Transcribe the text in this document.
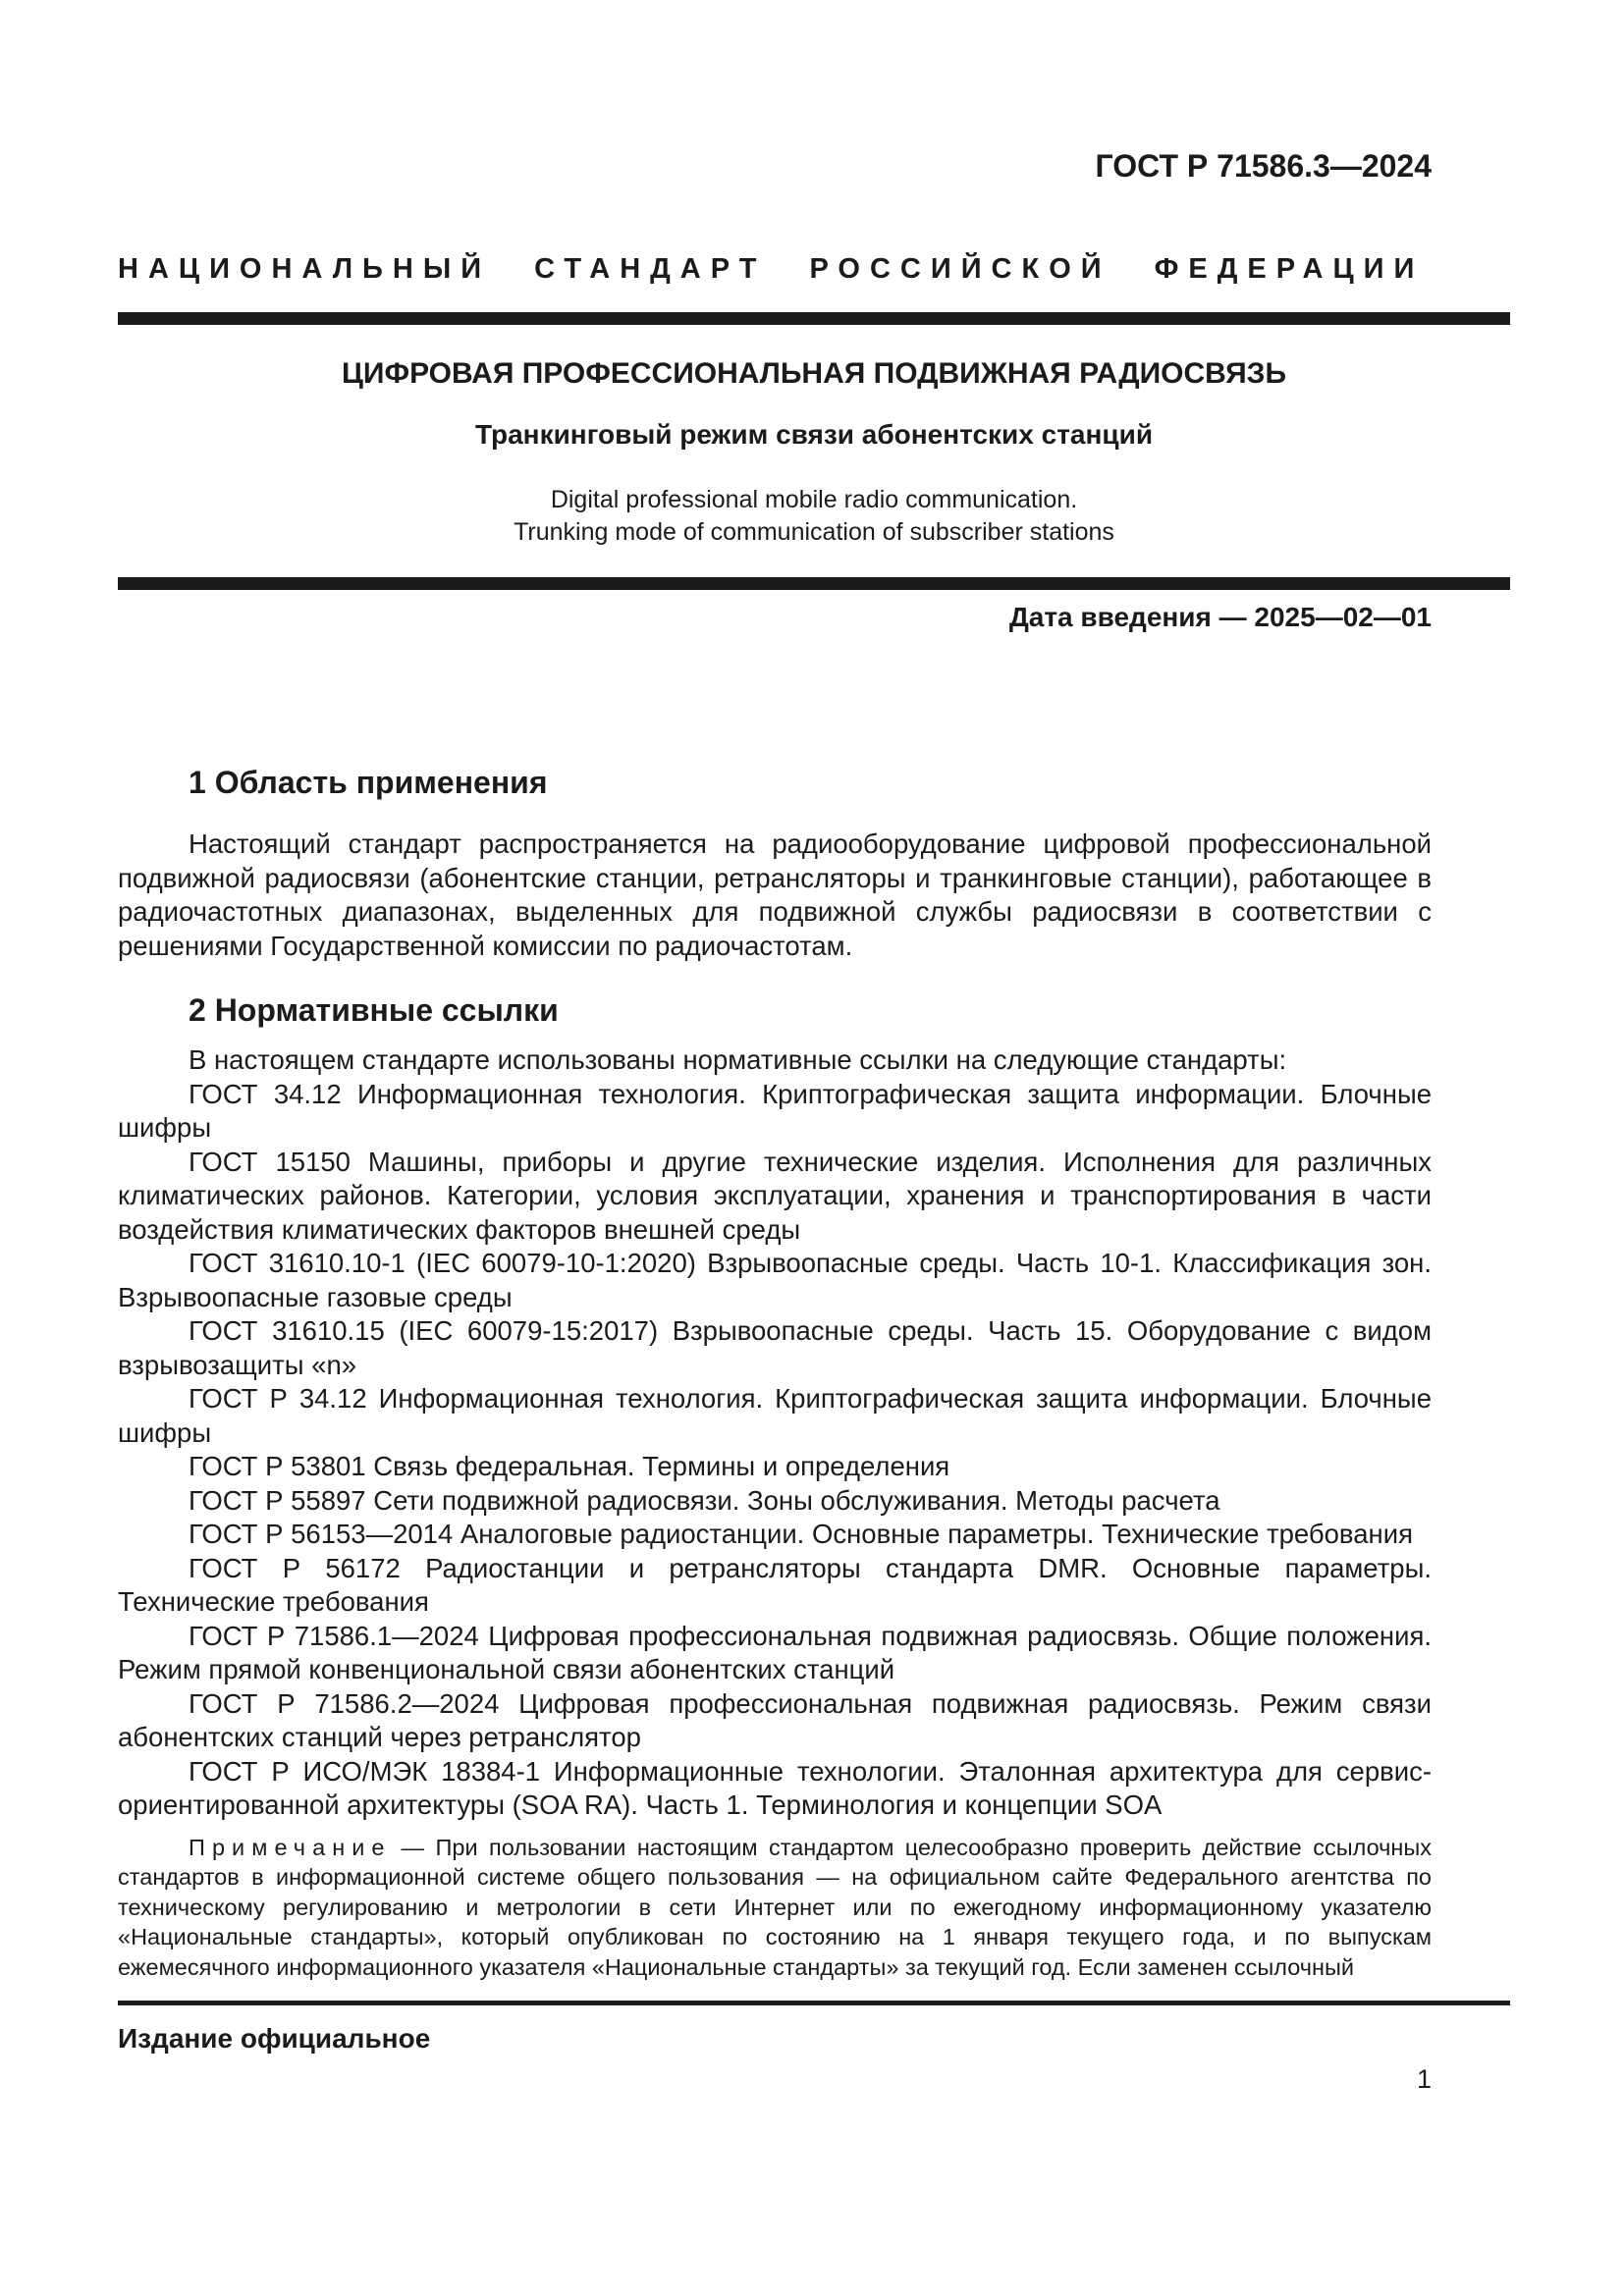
ГОСТ Р 71586.3—2024
НАЦИОНАЛЬНЫЙ СТАНДАРТ РОССИЙСКОЙ ФЕДЕРАЦИИ
ЦИФРОВАЯ ПРОФЕССИОНАЛЬНАЯ ПОДВИЖНАЯ РАДИОСВЯЗЬ
Транкинговый режим связи абонентских станций
Digital professional mobile radio communication.
Trunking mode of communication of subscriber stations
Дата введения — 2025—02—01
1 Область применения

Настоящий стандарт распространяется на радиооборудование цифровой профессиональной подвижной радиосвязи (абонентские станции, ретрансляторы и транкинговые станции), работающее в радиочастотных диапазонах, выделенных для подвижной службы радиосвязи в соответствии с решениями Государственной комиссии по радиочастотам.

2 Нормативные ссылки

В настоящем стандарте использованы нормативные ссылки на следующие стандарты:

ГОСТ 34.12 Информационная технология. Криптографическая защита информации. Блочные шифры

ГОСТ 15150 Машины, приборы и другие технические изделия. Исполнения для различных климатических районов. Категории, условия эксплуатации, хранения и транспортирования в части воздействия климатических факторов внешней среды

ГОСТ 31610.10-1 (IEC 60079-10-1:2020) Взрывоопасные среды. Часть 10-1. Классификация зон. Взрывоопасные газовые среды

ГОСТ 31610.15 (IEC 60079-15:2017) Взрывоопасные среды. Часть 15. Оборудование с видом взрывозащиты «n»

ГОСТ Р 34.12 Информационная технология. Криптографическая защита информации. Блочные шифры

ГОСТ Р 53801 Связь федеральная. Термины и определения

ГОСТ Р 55897 Сети подвижной радиосвязи. Зоны обслуживания. Методы расчета

ГОСТ Р 56153—2014 Аналоговые радиостанции. Основные параметры. Технические требования

ГОСТ Р 56172 Радиостанции и ретрансляторы стандарта DMR. Основные параметры. Технические требования

ГОСТ Р 71586.1—2024 Цифровая профессиональная подвижная радиосвязь. Общие положения. Режим прямой конвенциональной связи абонентских станций

ГОСТ Р 71586.2—2024 Цифровая профессиональная подвижная радиосвязь. Режим связи абонентских станций через ретранслятор

ГОСТ Р ИСО/МЭК 18384-1 Информационные технологии. Эталонная архитектура для сервис-ориентированной архитектуры (SOA RA). Часть 1. Терминология и концепции SOA

Примечание — При пользовании настоящим стандартом целесообразно проверить действие ссылочных стандартов в информационной системе общего пользования — на официальном сайте Федерального агентства по техническому регулированию и метрологии в сети Интернет или по ежегодному информационному указателю «Национальные стандарты», который опубликован по состоянию на 1 января текущего года, и по выпускам ежемесячного информационного указателя «Национальные стандарты» за текущий год. Если заменен ссылочный

Издание официальное
1
